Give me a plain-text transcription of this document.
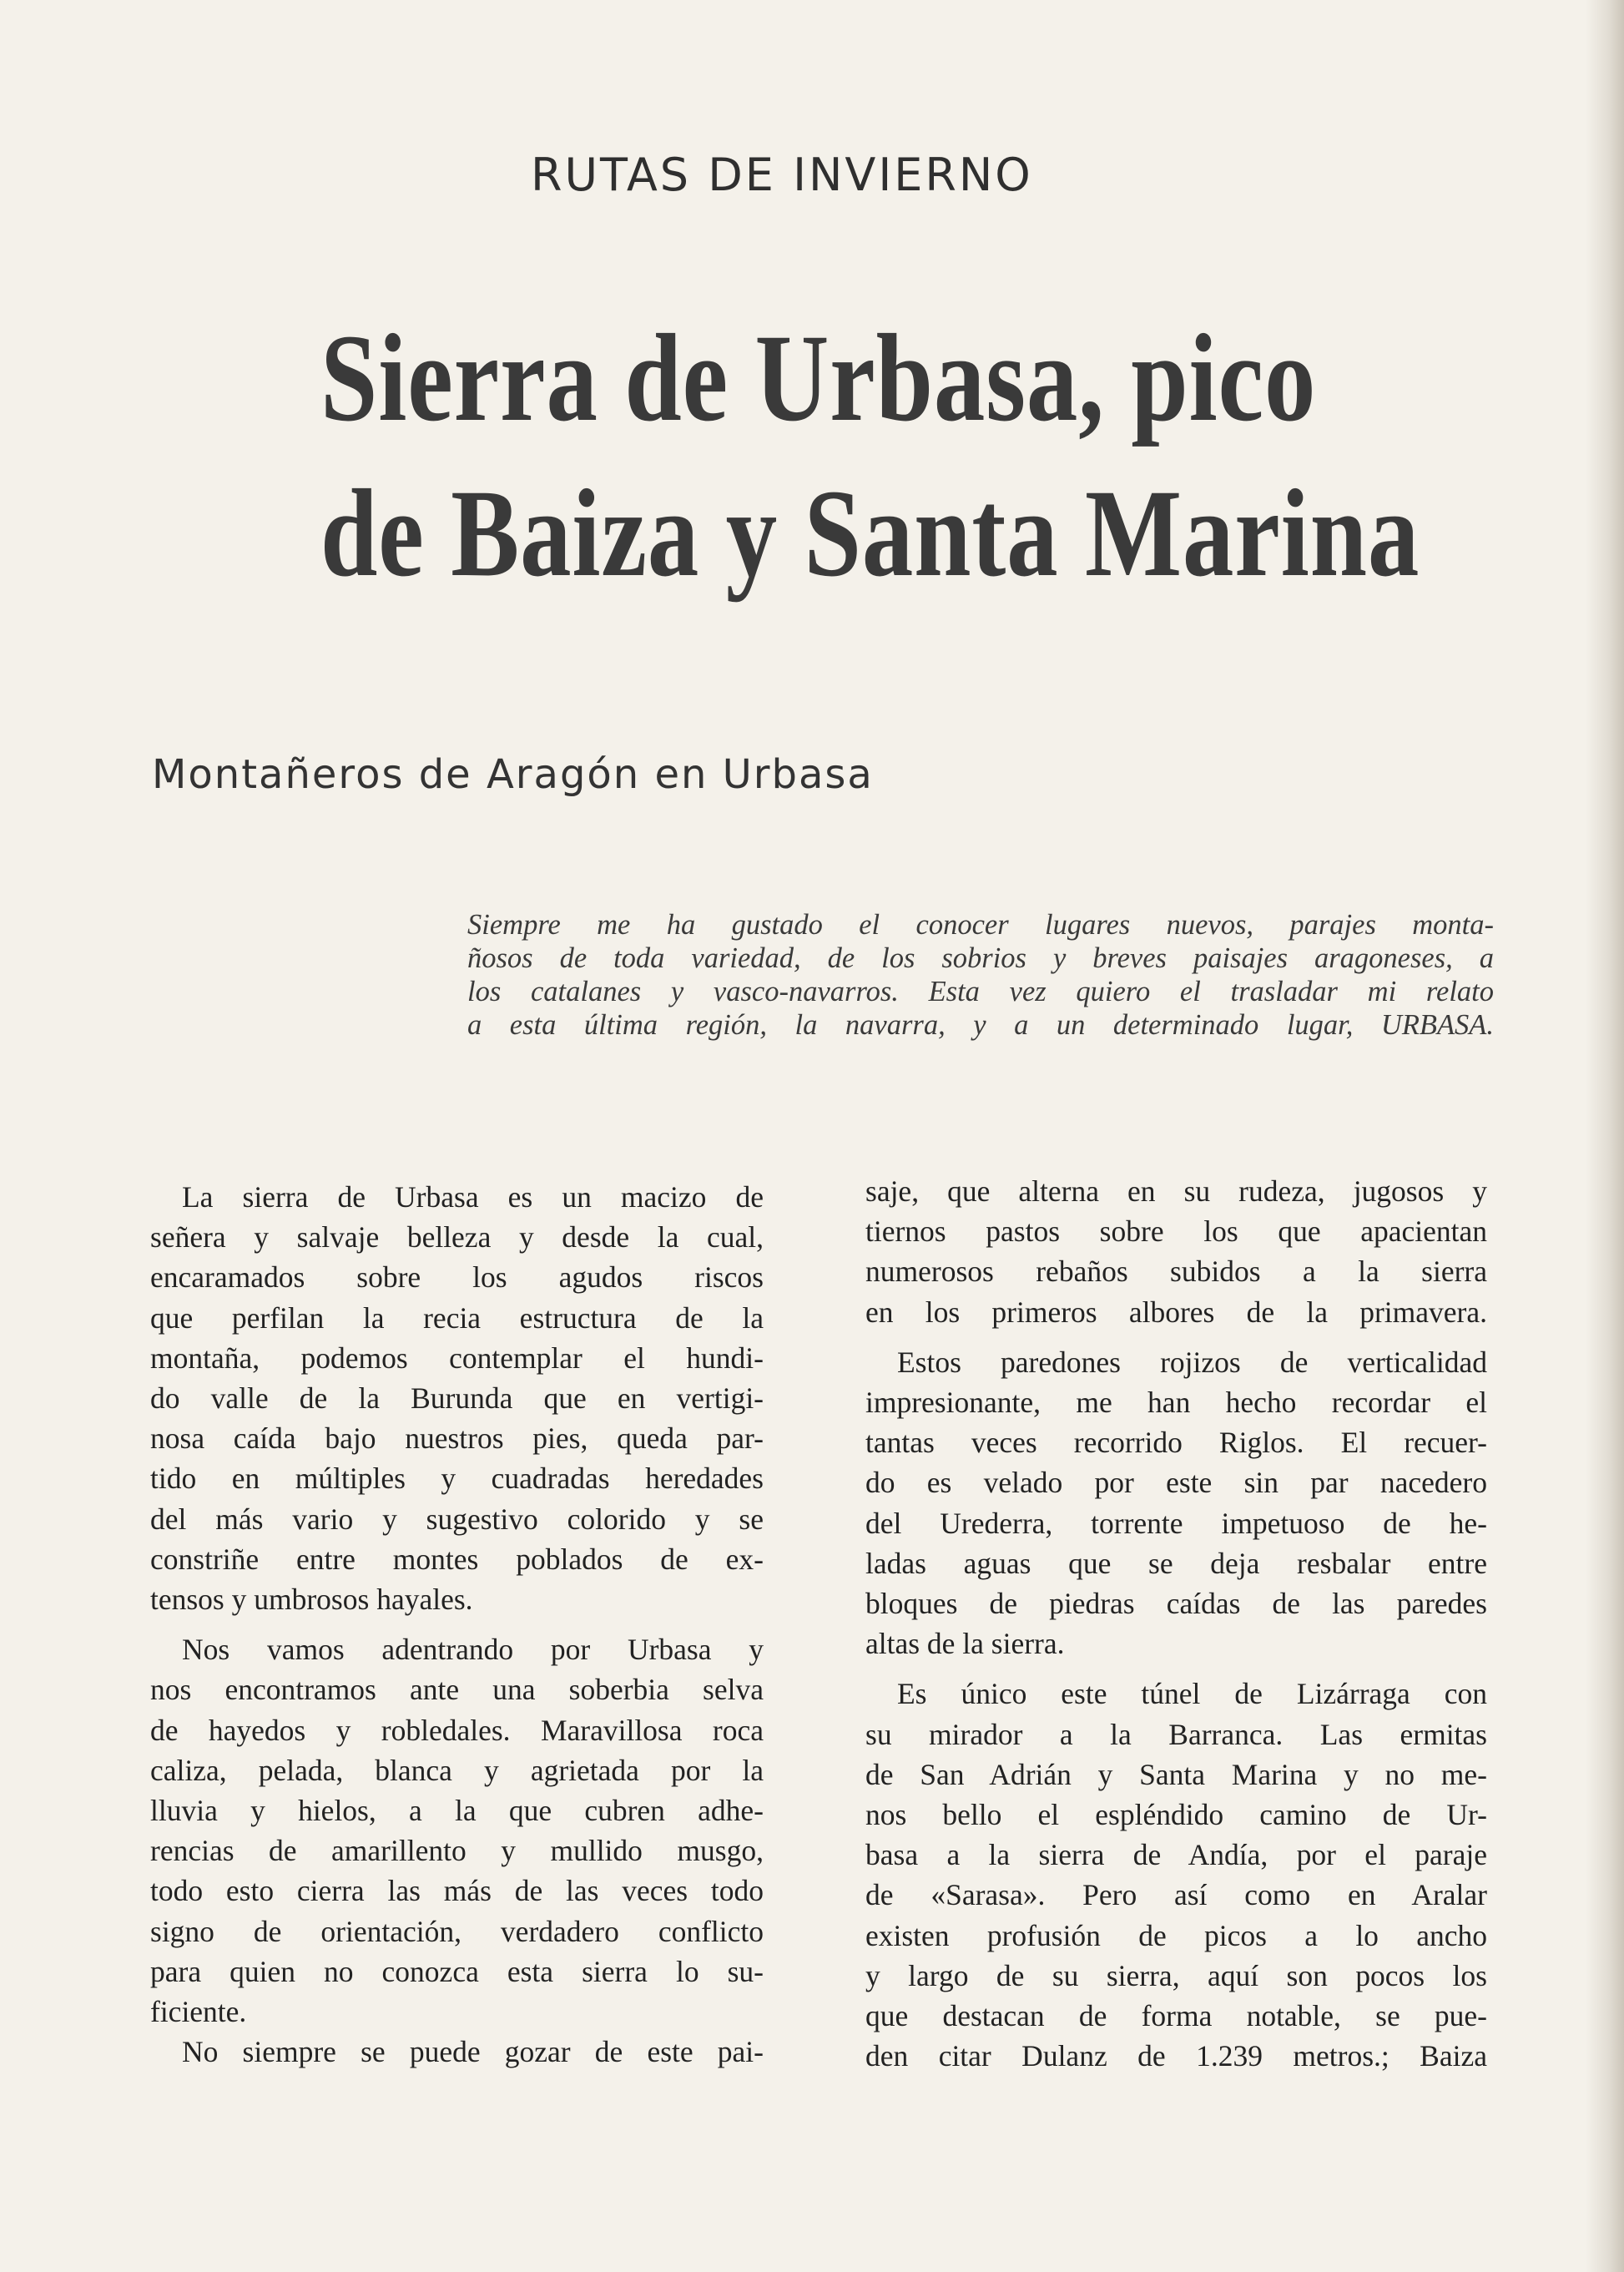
RUTAS DE INVIERNO
Sierra de Urbasa, pico
de Baiza y Santa Marina
Montañeros de Aragón en Urbasa
Siempre me ha gustado el conocer lugares nuevos, parajes monta-
ñosos de toda variedad, de los sobrios y breves paisajes aragoneses, a
los catalanes y vasco-navarros. Esta vez quiero el trasladar mi relato
a esta última región, la navarra, y a un determinado lugar, URBASA.
La sierra de Urbasa es un macizo de
señera y salvaje belleza y desde la cual,
encaramados sobre los agudos riscos
que perfilan la recia estructura de la
montaña, podemos contemplar el hundi-
do valle de la Burunda que en vertigi-
nosa caída bajo nuestros pies, queda par-
tido en múltiples y cuadradas heredades
del más vario y sugestivo colorido y se
constriñe entre montes poblados de ex-
tensos y umbrosos hayales.
Nos vamos adentrando por Urbasa y
nos encontramos ante una soberbia selva
de hayedos y robledales. Maravillosa roca
caliza, pelada, blanca y agrietada por la
lluvia y hielos, a la que cubren adhe-
rencias de amarillento y mullido musgo,
todo esto cierra las más de las veces todo
signo de orientación, verdadero conflicto
para quien no conozca esta sierra lo su-
ficiente.
No siempre se puede gozar de este pai-
saje, que alterna en su rudeza, jugosos y
tiernos pastos sobre los que apacientan
numerosos rebaños subidos a la sierra
en los primeros albores de la primavera.
Estos paredones rojizos de verticalidad
impresionante, me han hecho recordar el
tantas veces recorrido Riglos. El recuer-
do es velado por este sin par nacedero
del Urederra, torrente impetuoso de he-
ladas aguas que se deja resbalar entre
bloques de piedras caídas de las paredes
altas de la sierra.
Es único este túnel de Lizárraga con
su mirador a la Barranca. Las ermitas
de San Adrián y Santa Marina y no me-
nos bello el espléndido camino de Ur-
basa a la sierra de Andía, por el paraje
de «Sarasa». Pero así como en Aralar
existen profusión de picos a lo ancho
y largo de su sierra, aquí son pocos los
que destacan de forma notable, se pue-
den citar Dulanz de 1.239 metros.; Baiza
